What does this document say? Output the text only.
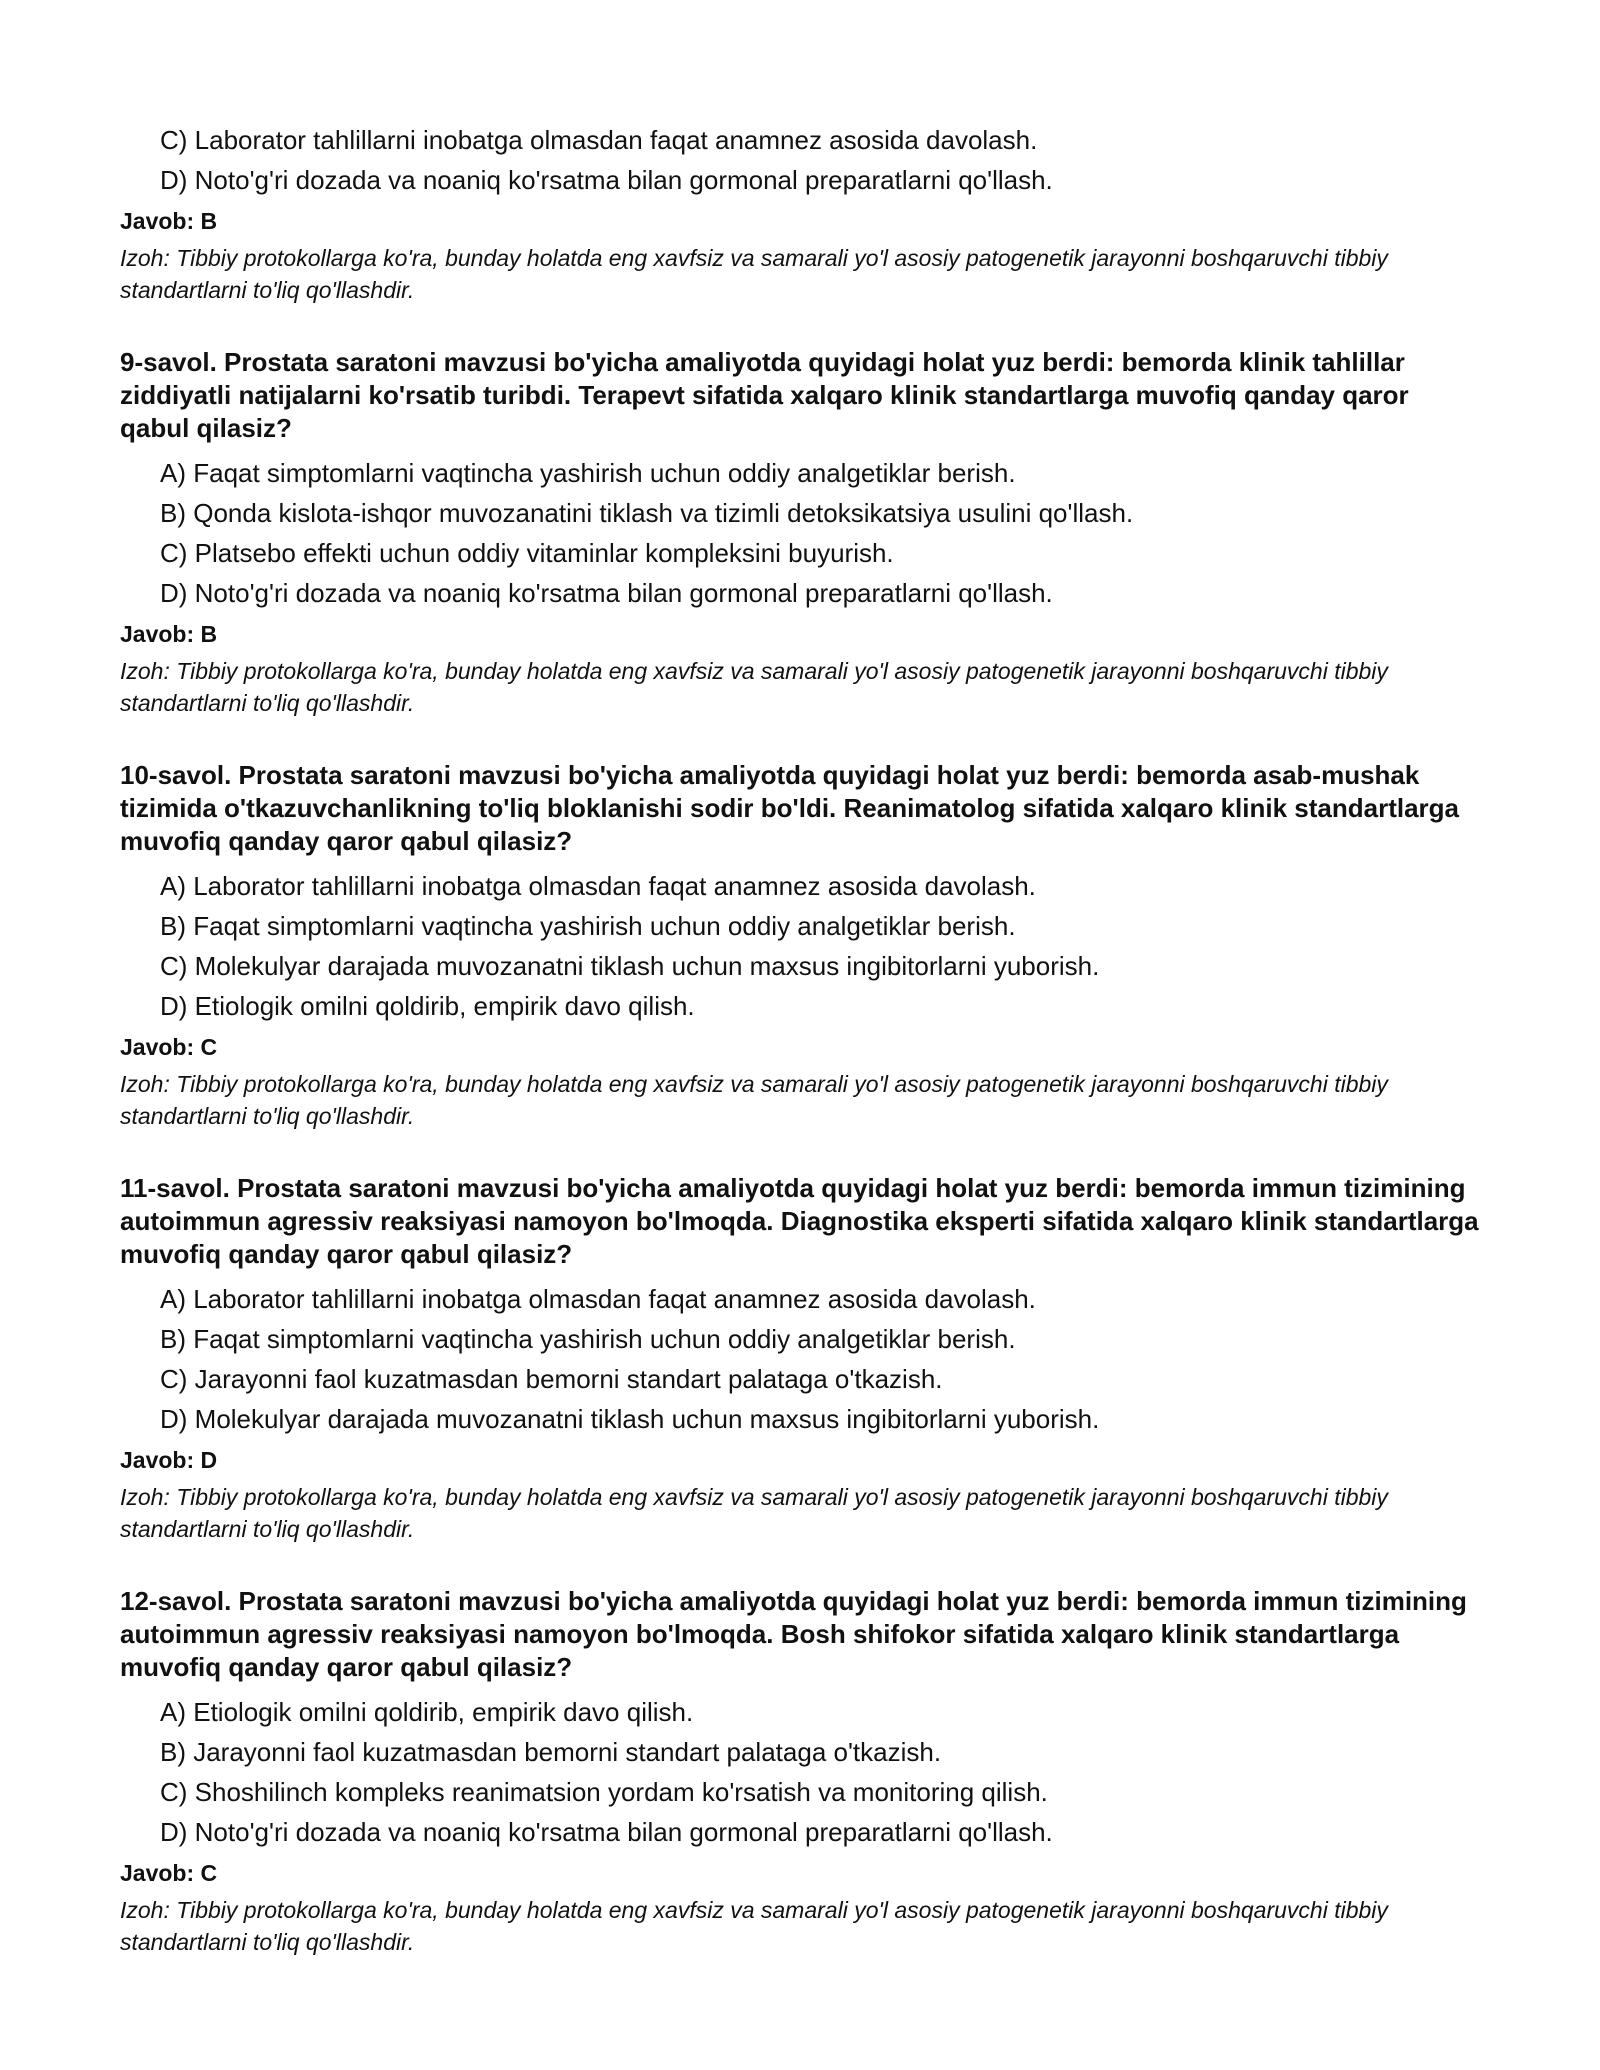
C) Laborator tahlillarni inobatga olmasdan faqat anamnez asosida davolash.
D) Noto'g'ri dozada va noaniq ko'rsatma bilan gormonal preparatlarni qo'llash.
Javob: B
Izoh: Tibbiy protokollarga ko'ra, bunday holatda eng xavfsiz va samarali yo'l asosiy patogenetik jarayonni boshqaruvchi tibbiy standartlarni to'liq qo'llashdir.
9-savol. Prostata saratoni mavzusi bo'yicha amaliyotda quyidagi holat yuz berdi: bemorda klinik tahlillar ziddiyatli natijalarni ko'rsatib turibdi. Terapevt sifatida xalqaro klinik standartlarga muvofiq qanday qaror qabul qilasiz?
A) Faqat simptomlarni vaqtincha yashirish uchun oddiy analgetiklar berish.
B) Qonda kislota-ishqor muvozanatini tiklash va tizimli detoksikatsiya usulini qo'llash.
C) Platsebo effekti uchun oddiy vitaminlar kompleksini buyurish.
D) Noto'g'ri dozada va noaniq ko'rsatma bilan gormonal preparatlarni qo'llash.
Javob: B
Izoh: Tibbiy protokollarga ko'ra, bunday holatda eng xavfsiz va samarali yo'l asosiy patogenetik jarayonni boshqaruvchi tibbiy standartlarni to'liq qo'llashdir.
10-savol. Prostata saratoni mavzusi bo'yicha amaliyotda quyidagi holat yuz berdi: bemorda asab-mushak tizimida o'tkazuvchanlikning to'liq bloklanishi sodir bo'ldi. Reanimatolog sifatida xalqaro klinik standartlarga muvofiq qanday qaror qabul qilasiz?
A) Laborator tahlillarni inobatga olmasdan faqat anamnez asosida davolash.
B) Faqat simptomlarni vaqtincha yashirish uchun oddiy analgetiklar berish.
C) Molekulyar darajada muvozanatni tiklash uchun maxsus ingibitorlarni yuborish.
D) Etiologik omilni qoldirib, empirik davo qilish.
Javob: C
Izoh: Tibbiy protokollarga ko'ra, bunday holatda eng xavfsiz va samarali yo'l asosiy patogenetik jarayonni boshqaruvchi tibbiy standartlarni to'liq qo'llashdir.
11-savol. Prostata saratoni mavzusi bo'yicha amaliyotda quyidagi holat yuz berdi: bemorda immun tizimining autoimmun agressiv reaksiyasi namoyon bo'lmoqda. Diagnostika eksperti sifatida xalqaro klinik standartlarga muvofiq qanday qaror qabul qilasiz?
A) Laborator tahlillarni inobatga olmasdan faqat anamnez asosida davolash.
B) Faqat simptomlarni vaqtincha yashirish uchun oddiy analgetiklar berish.
C) Jarayonni faol kuzatmasdan bemorni standart palataga o'tkazish.
D) Molekulyar darajada muvozanatni tiklash uchun maxsus ingibitorlarni yuborish.
Javob: D
Izoh: Tibbiy protokollarga ko'ra, bunday holatda eng xavfsiz va samarali yo'l asosiy patogenetik jarayonni boshqaruvchi tibbiy standartlarni to'liq qo'llashdir.
12-savol. Prostata saratoni mavzusi bo'yicha amaliyotda quyidagi holat yuz berdi: bemorda immun tizimining autoimmun agressiv reaksiyasi namoyon bo'lmoqda. Bosh shifokor sifatida xalqaro klinik standartlarga muvofiq qanday qaror qabul qilasiz?
A) Etiologik omilni qoldirib, empirik davo qilish.
B) Jarayonni faol kuzatmasdan bemorni standart palataga o'tkazish.
C) Shoshilinch kompleks reanimatsion yordam ko'rsatish va monitoring qilish.
D) Noto'g'ri dozada va noaniq ko'rsatma bilan gormonal preparatlarni qo'llash.
Javob: C
Izoh: Tibbiy protokollarga ko'ra, bunday holatda eng xavfsiz va samarali yo'l asosiy patogenetik jarayonni boshqaruvchi tibbiy standartlarni to'liq qo'llashdir.
